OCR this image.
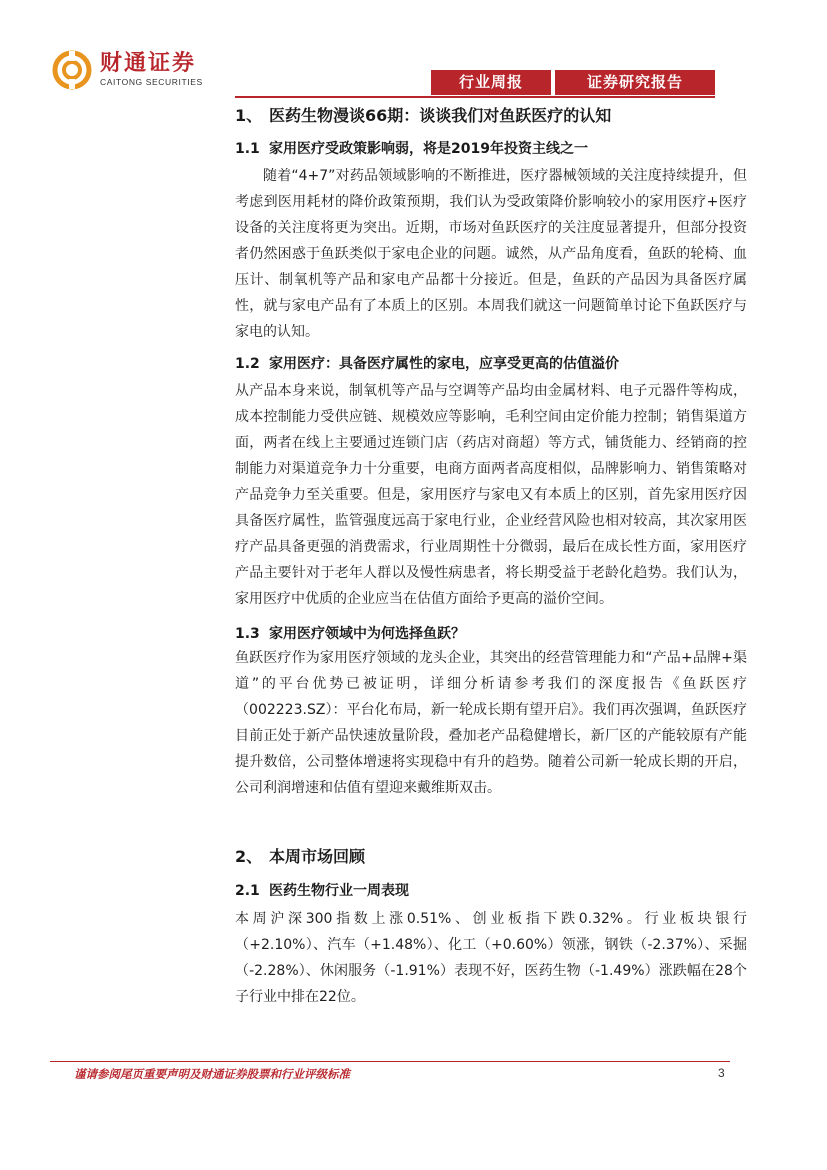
财通证券
CAITONG SECURITIES	行业周报	证券研究报告
1、 医药生物漫谈66期：谈谈我们对鱼跃医疗的认知
1.1 家用医疗受政策影响弱，将是2019年投资主线之一
随着“4+7”对药品领域影响的不断推进，医疗器械领域的关注度持续提升，但考虑到医用耗材的降价政策预期，我们认为受政策降价影响较小的家用医疗+医疗设备的关注度将更为突出。近期，市场对鱼跃医疗的关注度显著提升，但部分投资者仍然困惑于鱼跃类似于家电企业的问题。诚然，从产品角度看，鱼跃的轮椅、血压计、制氧机等产品和家电产品都十分接近。但是，鱼跃的产品因为具备医疗属性，就与家电产品有了本质上的区别。本周我们就这一问题简单讨论下鱼跃医疗与家电的认知。
1.2 家用医疗：具备医疗属性的家电，应享受更高的估值溢价
从产品本身来说，制氧机等产品与空调等产品均由金属材料、电子元器件等构成，成本控制能力受供应链、规模效应等影响，毛利空间由定价能力控制；销售渠道方面，两者在线上主要通过连锁门店（药店对商超）等方式，铺货能力、经销商的控制能力对渠道竞争力十分重要，电商方面两者高度相似，品牌影响力、销售策略对产品竞争力至关重要。但是，家用医疗与家电又有本质上的区别，首先家用医疗因具备医疗属性，监管强度远高于家电行业，企业经营风险也相对较高，其次家用医疗产品具备更强的消费需求，行业周期性十分微弱，最后在成长性方面，家用医疗产品主要针对于老年人群以及慢性病患者，将长期受益于老龄化趋势。我们认为，家用医疗中优质的企业应当在估值方面给予更高的溢价空间。
1.3 家用医疗领域中为何选择鱼跃？
鱼跃医疗作为家用医疗领域的龙头企业，其突出的经营管理能力和“产品+品牌+渠道”的平台优势已被证明，详细分析请参考我们的深度报告《鱼跃医疗（002223.SZ）：平台化布局，新一轮成长期有望开启》。我们再次强调，鱼跃医疗目前正处于新产品快速放量阶段，叠加老产品稳健增长，新厂区的产能较原有产能提升数倍，公司整体增速将实现稳中有升的趋势。随着公司新一轮成长期的开启，公司利润增速和估值有望迎来戴维斯双击。
2、 本周市场回顾
2.1 医药生物行业一周表现
本周沪深300指数上涨0.51%、创业板指下跌0.32%。行业板块银行（+2.10%）、汽车（+1.48%）、化工（+0.60%）领涨，钢铁（-2.37%）、采掘（-2.28%）、休闲服务（-1.91%）表现不好，医药生物（-1.49%）涨跌幅在28个子行业中排在22位。
谨请参阅尾页重要声明及财通证券股票和行业评级标准	3
